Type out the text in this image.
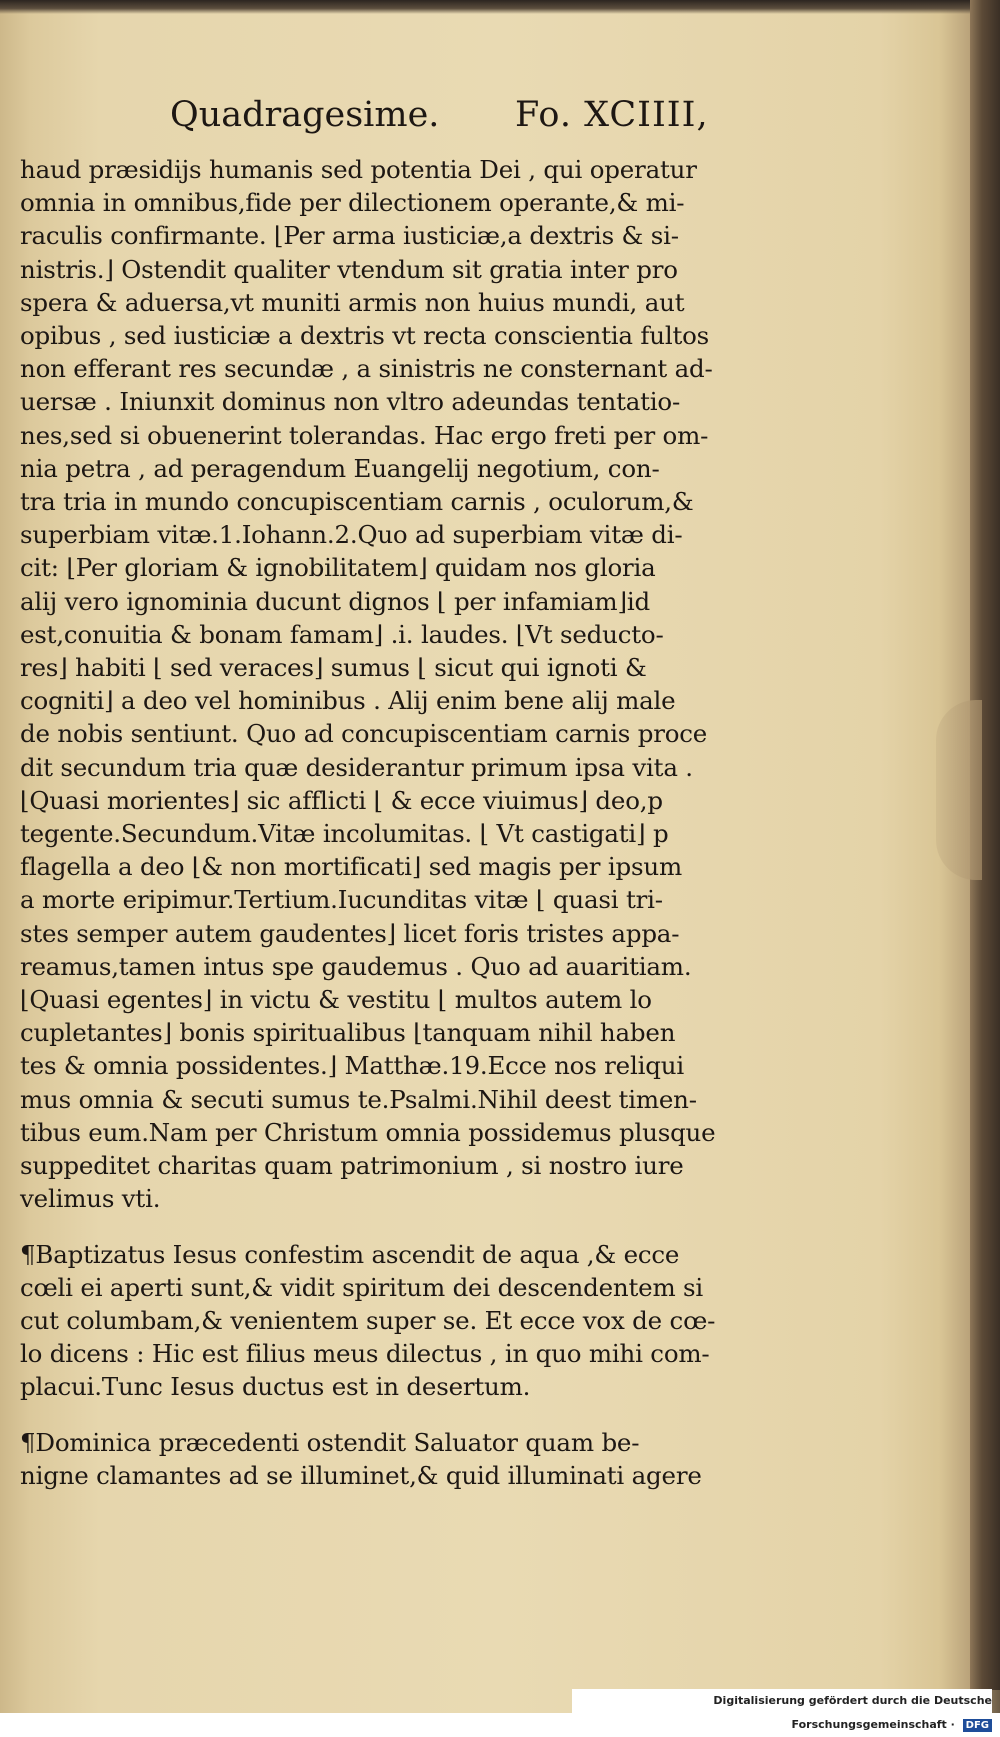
Quadragesime. Fo. XCIIII,
haud præsidijs humanis sed potentia Dei , qui operatur
omnia in omnibus,fide per dilectionem operante,& mi-
raculis confirmante. ⌊Per arma iusticiæ,a dextris & si-
nistris.⌋ Ostendit qualiter vtendum sit gratia inter pro
spera & aduersa,vt muniti armis non huius mundi, aut
opibus , sed iusticiæ a dextris vt recta conscientia fultos
non efferant res secundæ , a sinistris ne consternant ad-
uersæ . Iniunxit dominus non vltro adeundas tentatio-
nes,sed si obuenerint tolerandas. Hac ergo freti per om-
nia petra , ad peragendum Euangelij negotium, con-
tra tria in mundo concupiscentiam carnis , oculorum,&
superbiam vitæ.1.Iohann.2.Quo ad superbiam vitæ di-
cit: ⌊Per gloriam & ignobilitatem⌋ quidam nos gloria
alij vero ignominia ducunt dignos ⌊ per infamiam⌋id
est,conuitia & bonam famam⌋ .i. laudes. ⌊Vt seducto-
res⌋ habiti ⌊ sed veraces⌋ sumus ⌊ sicut qui ignoti &
cogniti⌋ a deo vel hominibus . Alij enim bene alij male
de nobis sentiunt. Quo ad concupiscentiam carnis proce
dit secundum tria quæ desiderantur primum ipsa vita .
⌊Quasi morientes⌋ sic afflicti ⌊ & ecce viuimus⌋ deo,p
tegente.Secundum.Vitæ incolumitas. ⌊ Vt castigati⌋ p
flagella a deo ⌊& non mortificati⌋ sed magis per ipsum
a morte eripimur.Tertium.Iucunditas vitæ ⌊ quasi tri-
stes semper autem gaudentes⌋ licet foris tristes appa-
reamus,tamen intus spe gaudemus . Quo ad auaritiam.
⌊Quasi egentes⌋ in victu & vestitu ⌊ multos autem lo
cupletantes⌋ bonis spiritualibus ⌊tanquam nihil haben
tes & omnia possidentes.⌋ Matthæ.19.Ecce nos reliqui
mus omnia & secuti sumus te.Psalmi.Nihil deest timen-
tibus eum.Nam per Christum omnia possidemus plusque
suppeditet charitas quam patrimonium , si nostro iure
velimus vti.
¶Baptizatus Iesus confestim ascendit de aqua ,& ecce
cœli ei aperti sunt,& vidit spiritum dei descendentem si
cut columbam,& venientem super se. Et ecce vox de cœ-
lo dicens : Hic est filius meus dilectus , in quo mihi com-
placui.Tunc Iesus ductus est in desertum.
¶Dominica præcedenti ostendit Saluator quam be-
nigne clamantes ad se illuminet,& quid illuminati agere
Digitalisierung gefördert durch die Deutsche Forschungsgemeinschaft · DFG
